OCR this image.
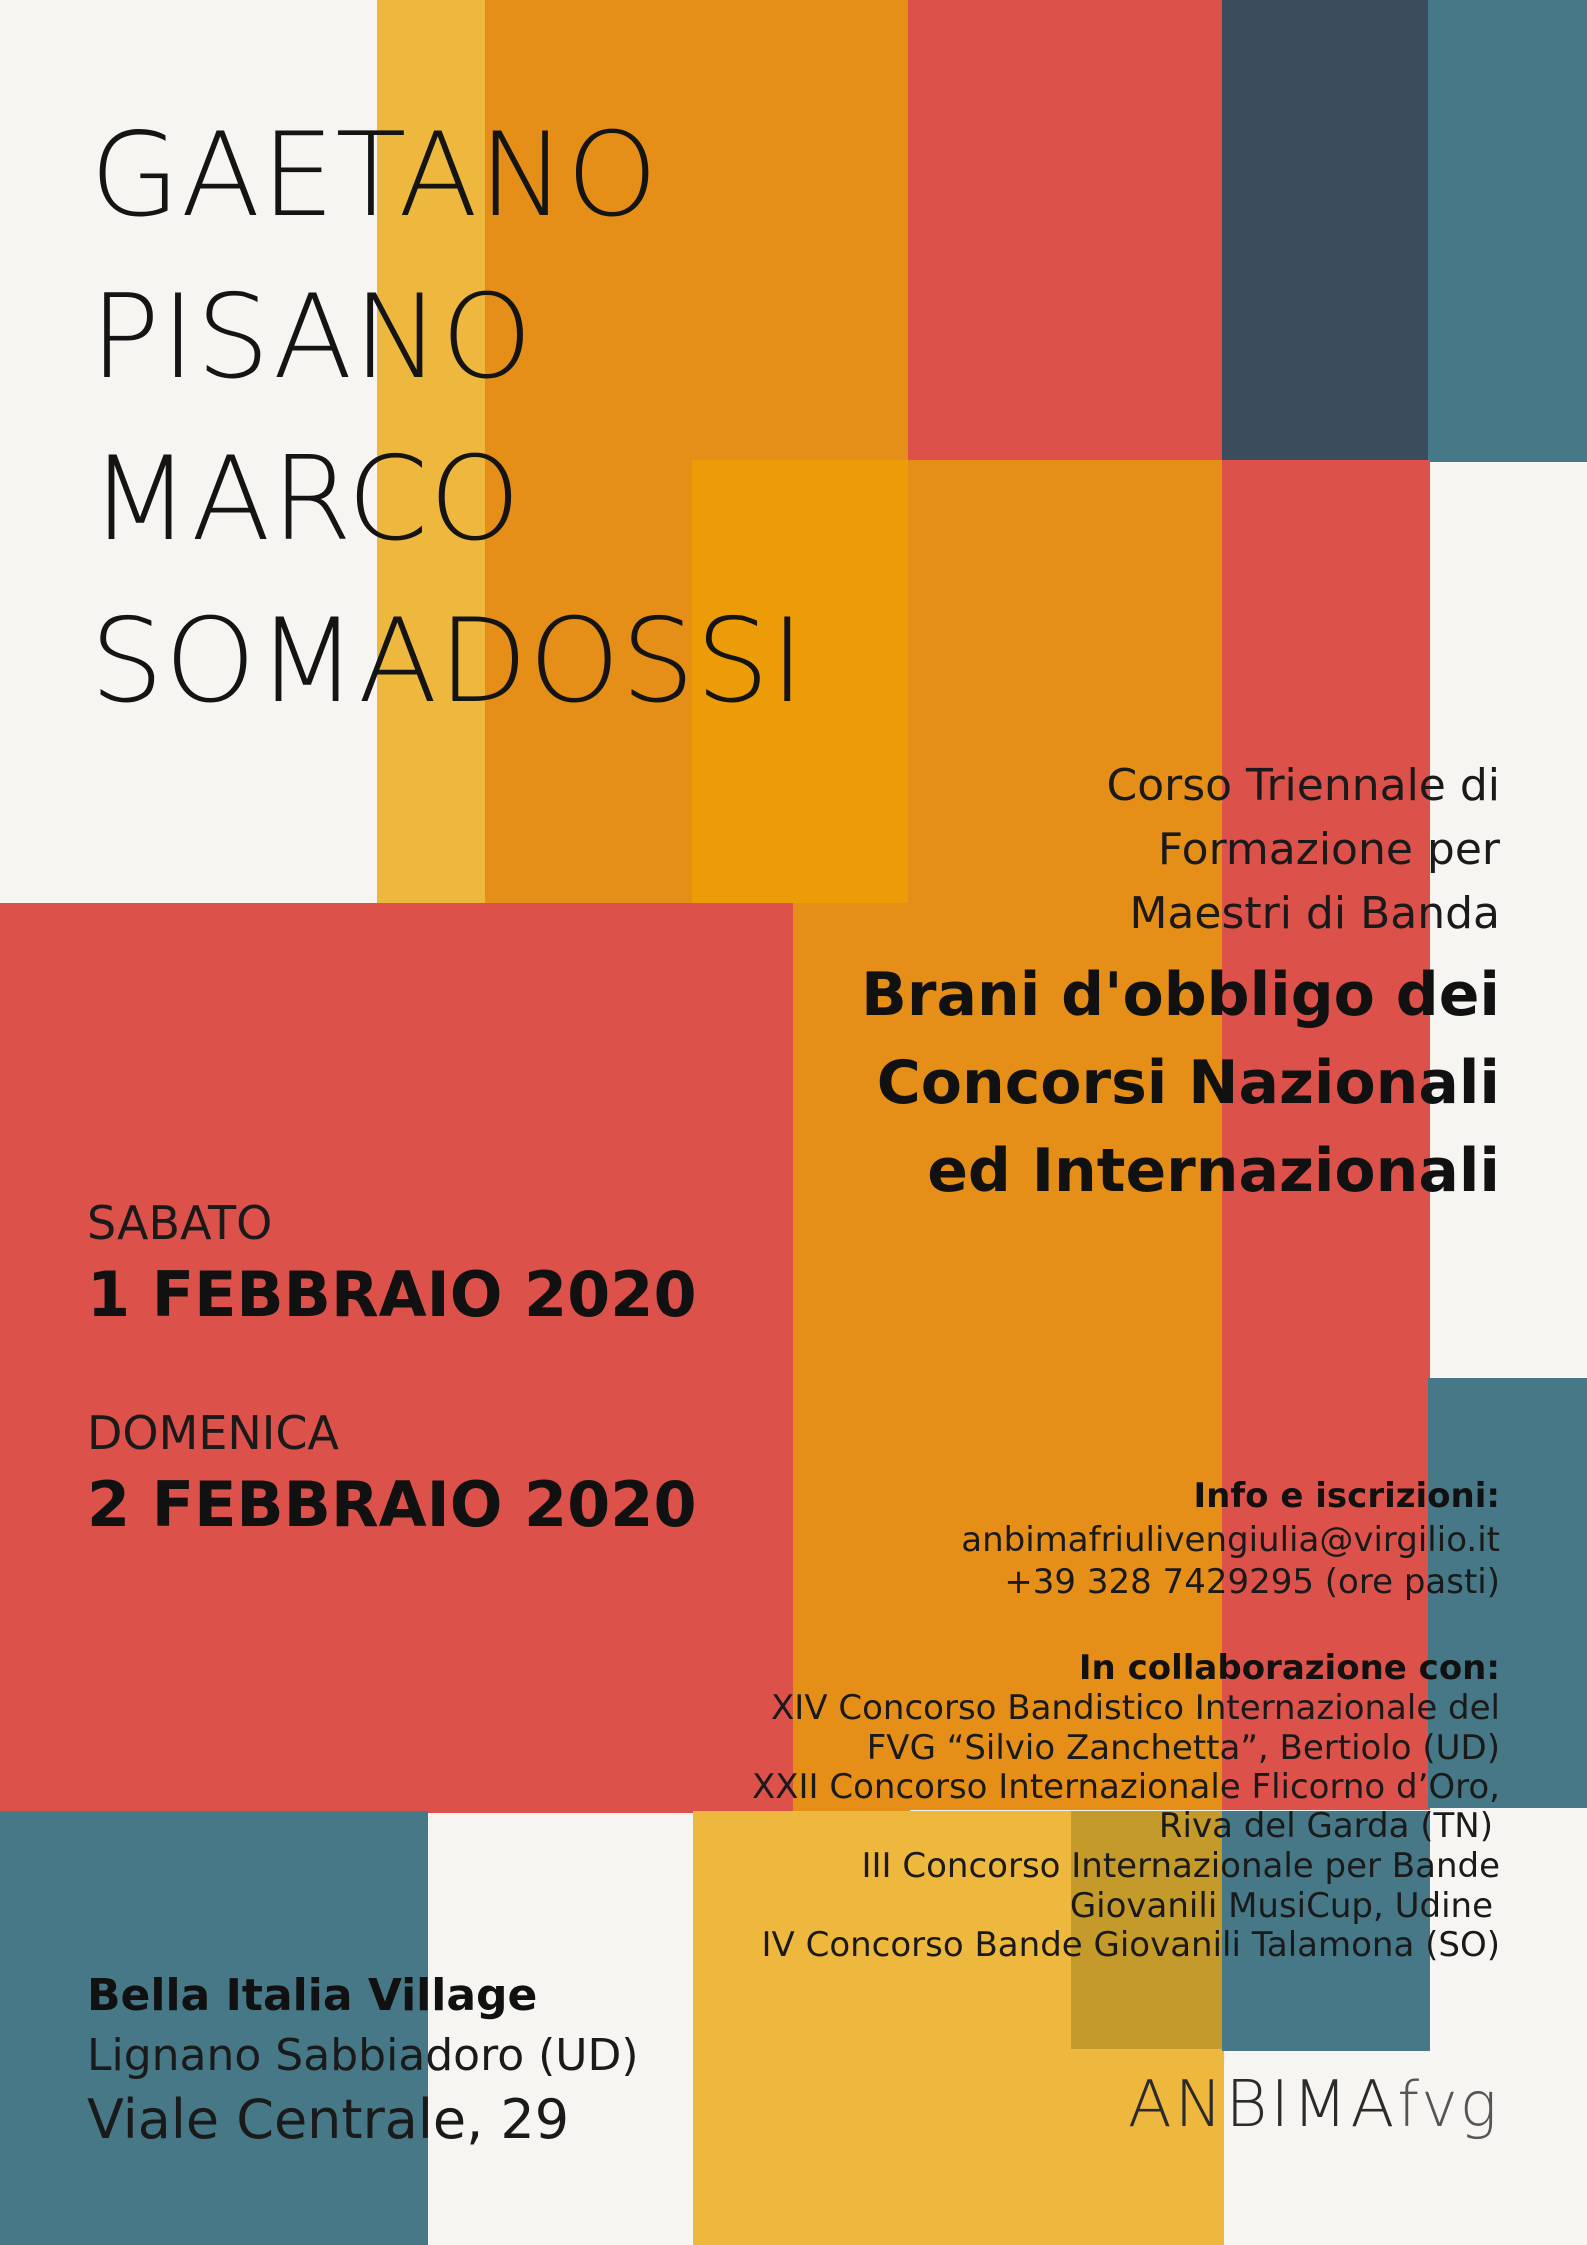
GAETANO

PISANO

MARCO

SOMADOSSI

Corso Triennale di

Formazione per

Maestri di Banda

Brani d'obbligo dei

Concorsi Nazionali

ed Internazionali

SABATO

1 FEBBRAIO 2020

DOMENICA

2 FEBBRAIO 2020	Info e iscrizioni:

anbimafriulivengiulia@virgilio.it

+39 328 7429295 (ore pasti)

In collaborazione con:

XIV Concorso Bandistico Internazionale del

FVG “Silvio Zanchetta”, Bertiolo (UD)

XXII Concorso Internazionale Flicorno d’Oro,

Riva del Garda (TN)

III Concorso Internazionale per Bande

Giovanili MusiCup, Udine

IV Concorso Bande Giovanili Talamona (SO)

Bella Italia Village

Lignano Sabbiadoro (UD)

Viale Centrale, 29	ANBIMAfvg
